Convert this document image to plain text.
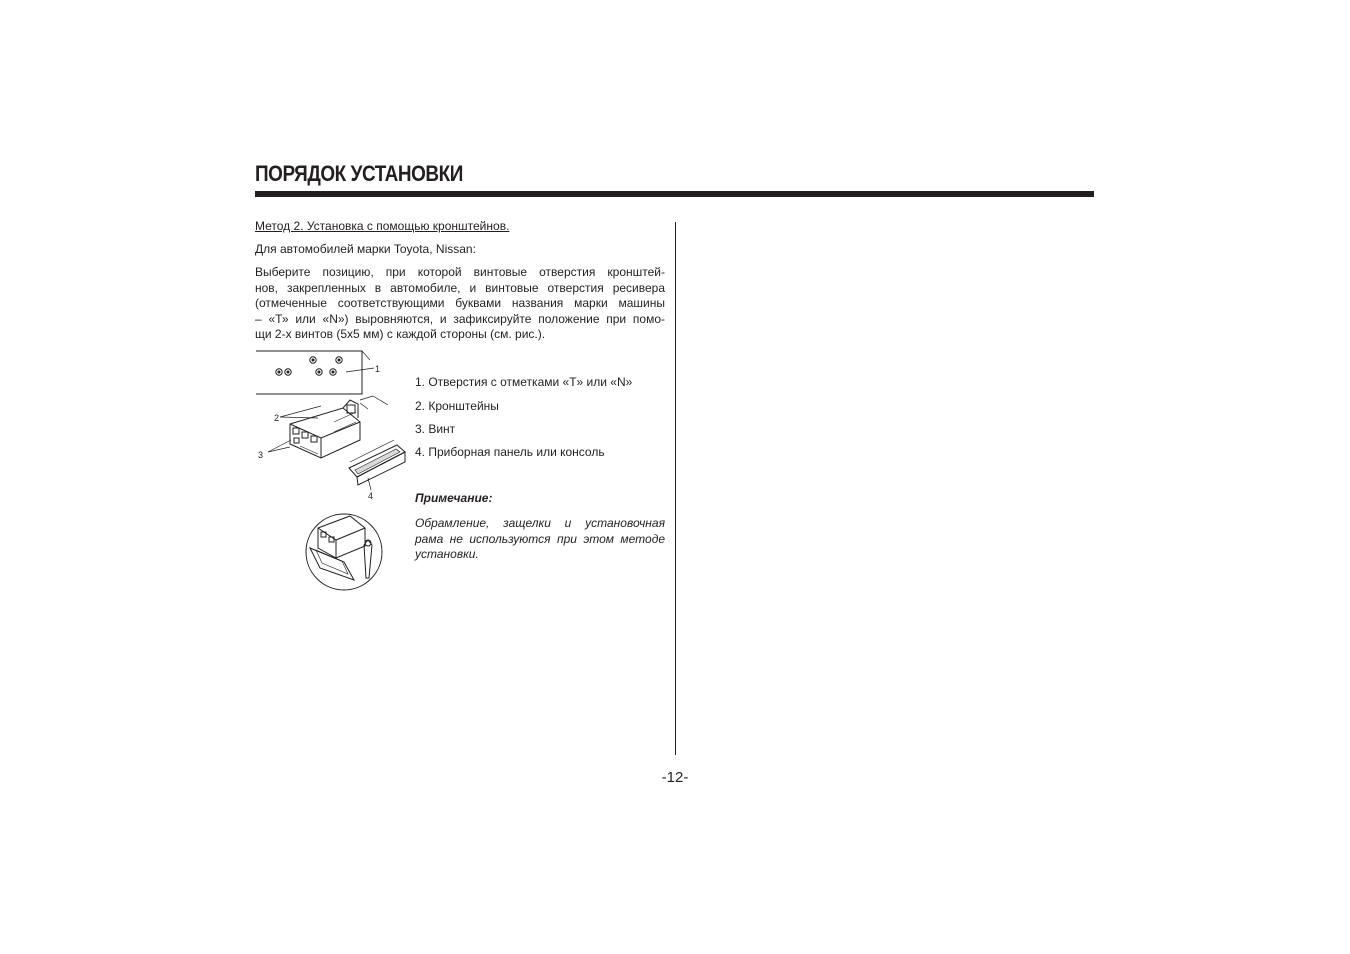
ПОРЯДОК УСТАНОВКИ

Метод 2. Установка с помощью кронштейнов.

Для автомобилей марки Toyota, Nissan:

Выберите позицию, при которой винтовые отверстия кронштей-
нов, закрепленных в автомобиле, и винтовые отверстия ресивера
(отмеченные соответствующими буквами названия марки машины
– «Т» или «N») выровняются, и зафиксируйте положение при помо-
щи 2-х винтов (5х5 мм) с каждой стороны (см. рис.).

1. Отверстия с отметками «T» или «N»

2. Кронштейны

3. Винт

4. Приборная панель или консоль

Примечание:

Обрамление, защелки и установочная
рама не используются при этом методе
установки.

-12-
2
3
1
4
